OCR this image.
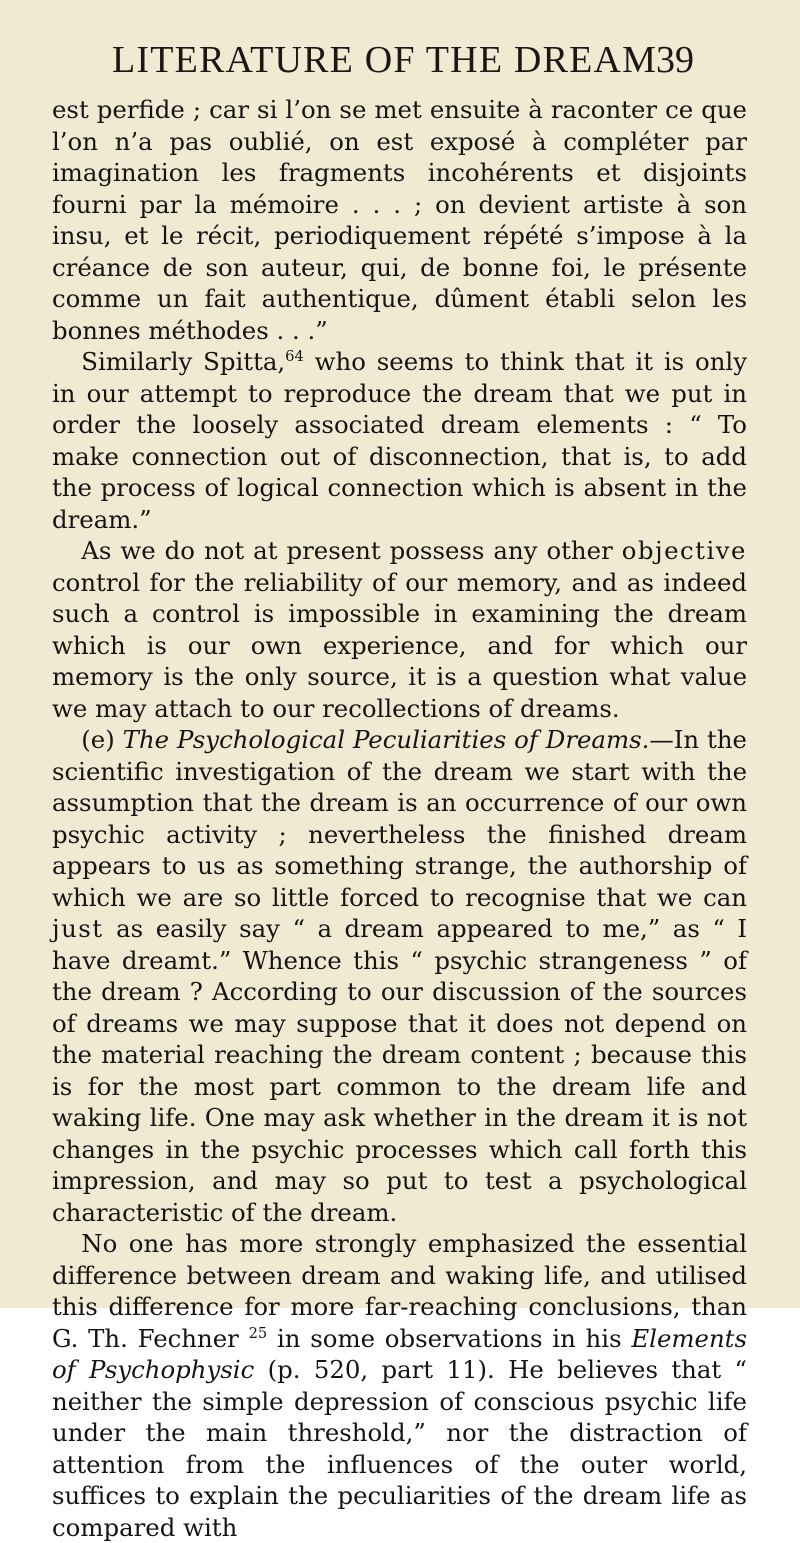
LITERATURE OF THE DREAM
39

est perfide ; car si l’on se met ensuite à raconter ce que l’on n’a pas oublié, on est exposé à compléter par imagination les fragments incohérents et disjoints fourni par la mémoire . . . ; on devient artiste à son insu, et le récit, periodiquement répété s’impose à la créance de son auteur, qui, de bonne foi, le présente comme un fait authentique, dûment établi selon les bonnes méthodes . . .”

Similarly Spitta,$^{64}$ who seems to think that it is only in our attempt to reproduce the dream that we put in order the loosely associated dream elements : “ To make connection out of disconnection, that is, to add the process of logical connection which is absent in the dream.”

As we do not at present possess any other objective control for the reliability of our memory, and as indeed such a control is impossible in examining the dream which is our own experience, and for which our memory is the only source, it is a question what value we may attach to our recollections of dreams.

(e) The Psychological Peculiarities of Dreams.—In the scientific investigation of the dream we start with the assumption that the dream is an occurrence of our own psychic activity ; nevertheless the finished dream appears to us as something strange, the authorship of which we are so little forced to recognise that we can just as easily say “ a dream appeared to me,” as “ I have dreamt.” Whence this “ psychic strangeness ” of the dream ? According to our discussion of the sources of dreams we may suppose that it does not depend on the material reaching the dream content ; because this is for the most part common to the dream life and waking life. One may ask whether in the dream it is not changes in the psychic processes which call forth this impression, and may so put to test a psychological characteristic of the dream.

No one has more strongly emphasized the essential difference between dream and waking life, and utilised this difference for more far-reaching conclusions, than G. Th. Fechner $^{25}$ in some observations in his Elements of Psychophysic (p. 520, part 11). He believes that “ neither the simple depression of conscious psychic life under the main threshold,” nor the distraction of attention from the influences of the outer world, suffices to explain the peculiarities of the dream life as compared with
